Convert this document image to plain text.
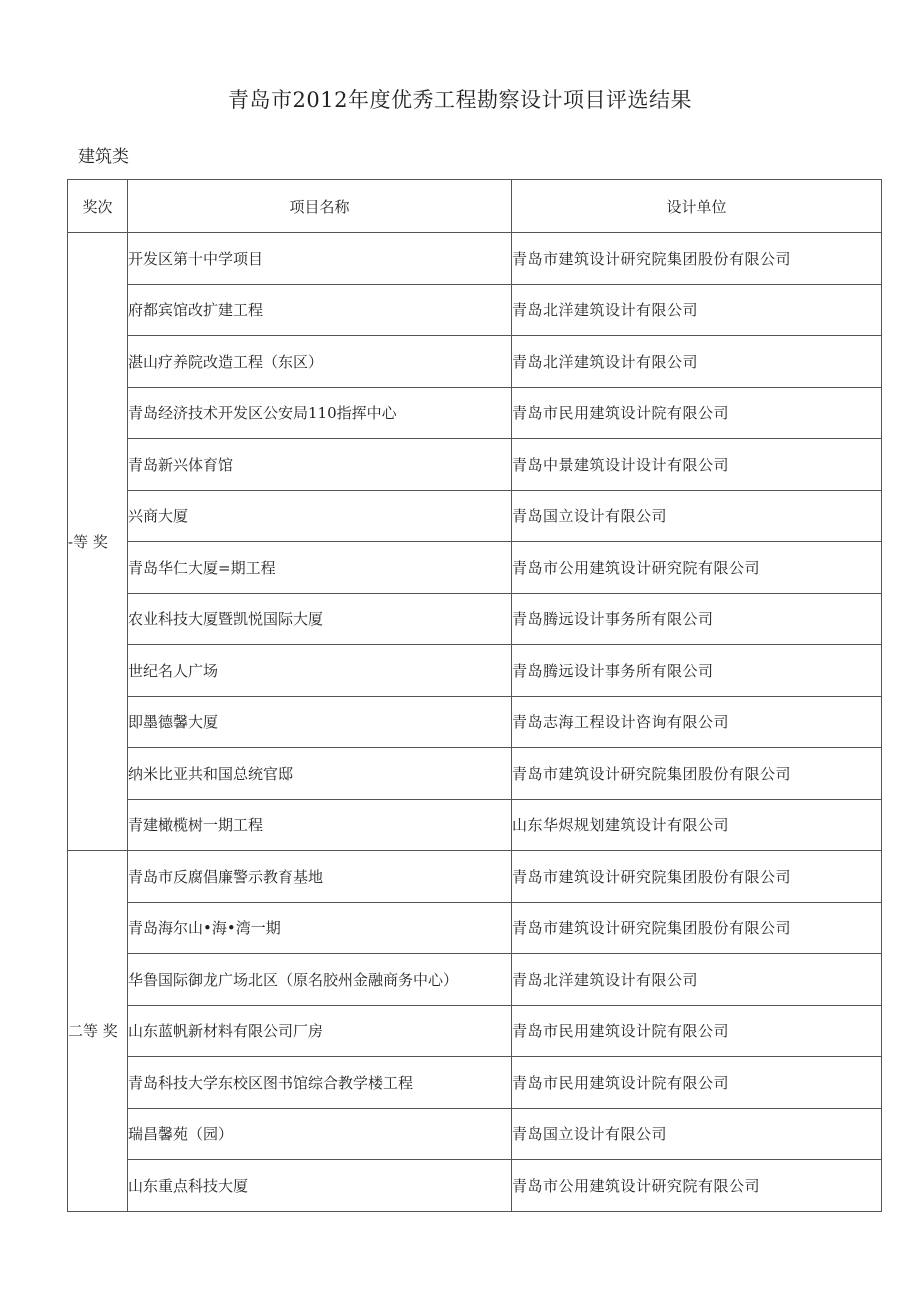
青岛市2012年度优秀工程勘察设计项目评选结果
建筑类
奖次	项目名称	设计单位
-等 奖	开发区第十中学项目	青岛市建筑设计研究院集团股份有限公司
	府都宾馆改扩建工程	青岛北洋建筑设计有限公司
	湛山疗养院改造工程（东区）	青岛北洋建筑设计有限公司
	青岛经济技术开发区公安局110指挥中心	青岛市民用建筑设计院有限公司
	青岛新兴体育馆	青岛中景建筑设计设计有限公司
	兴商大厦	青岛国立设计有限公司
	青岛华仁大厦=期工程	青岛市公用建筑设计研究院有限公司
	农业科技大厦暨凯悦国际大厦	青岛腾远设计事务所有限公司
	世纪名人广场	青岛腾远设计事务所有限公司
	即墨德馨大厦	青岛志海工程设计咨询有限公司
	纳米比亚共和国总统官邸	青岛市建筑设计研究院集团股份有限公司
	青建橄榄树一期工程	山东华烬规划建筑设计有限公司
二等 奖	青岛市反腐倡廉警示教育基地	青岛市建筑设计研究院集团股份有限公司
	青岛海尔山•海•湾一期	青岛市建筑设计研究院集团股份有限公司
	华鲁国际御龙广场北区（原名胶州金融商务中心）	青岛北洋建筑设计有限公司
	山东蓝帆新材料有限公司厂房	青岛市民用建筑设计院有限公司
	青岛科技大学东校区图书馆综合教学楼工程	青岛市民用建筑设计院有限公司
	瑞昌馨苑（园）	青岛国立设计有限公司
	山东重点科技大厦	青岛市公用建筑设计研究院有限公司
